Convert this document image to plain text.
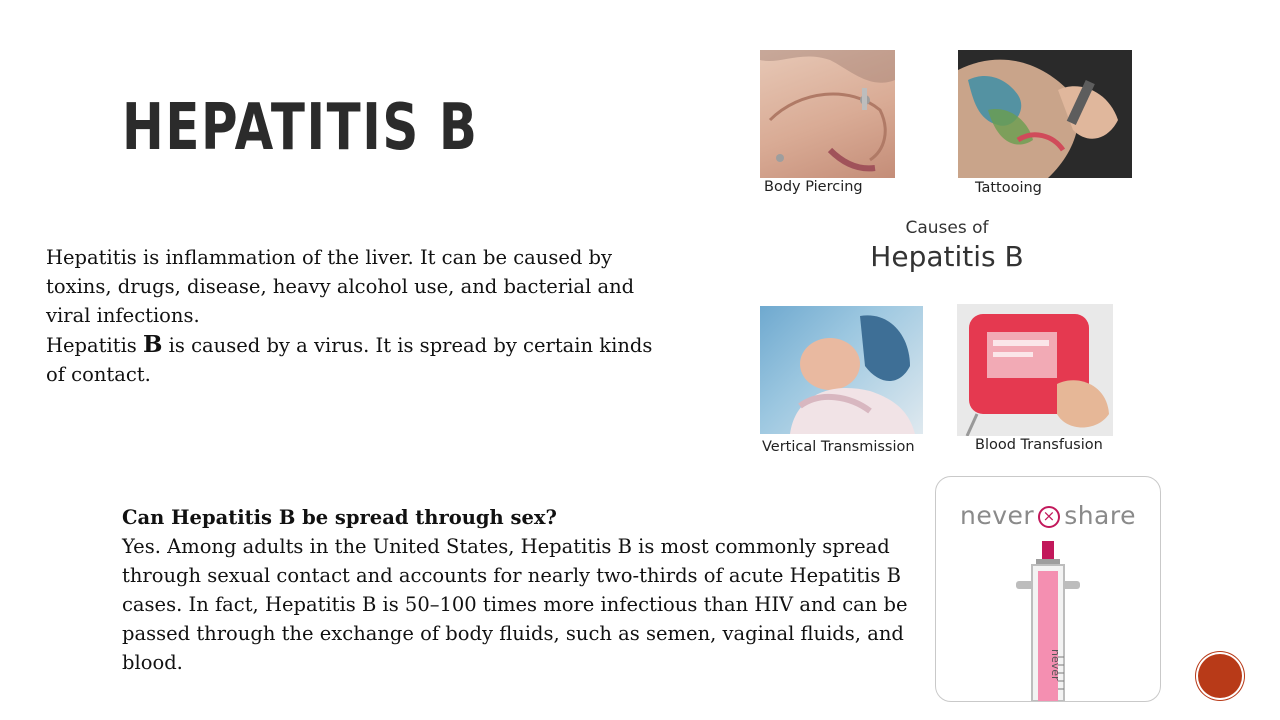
HEPATITIS B

Hepatitis is inflammation of the liver. It can be caused by toxins, drugs, disease, heavy alcohol use, and bacterial and viral infections.

Hepatitis B is caused by a virus. It is spread by certain kinds of contact.

Can Hepatitis B be spread through sex?

Yes. Among adults in the United States, Hepatitis B is most commonly spread through sexual contact and accounts for nearly two-thirds of acute Hepatitis B cases. In fact, Hepatitis B is 50–100 times more infectious than HIV and can be passed through the exchange of body fluids, such as semen, vaginal fluids, and blood.

Body Piercing	Tattooing
Causes of
Hepatitis B
Vertical Transmission	Blood Transfusion
never × share
never
